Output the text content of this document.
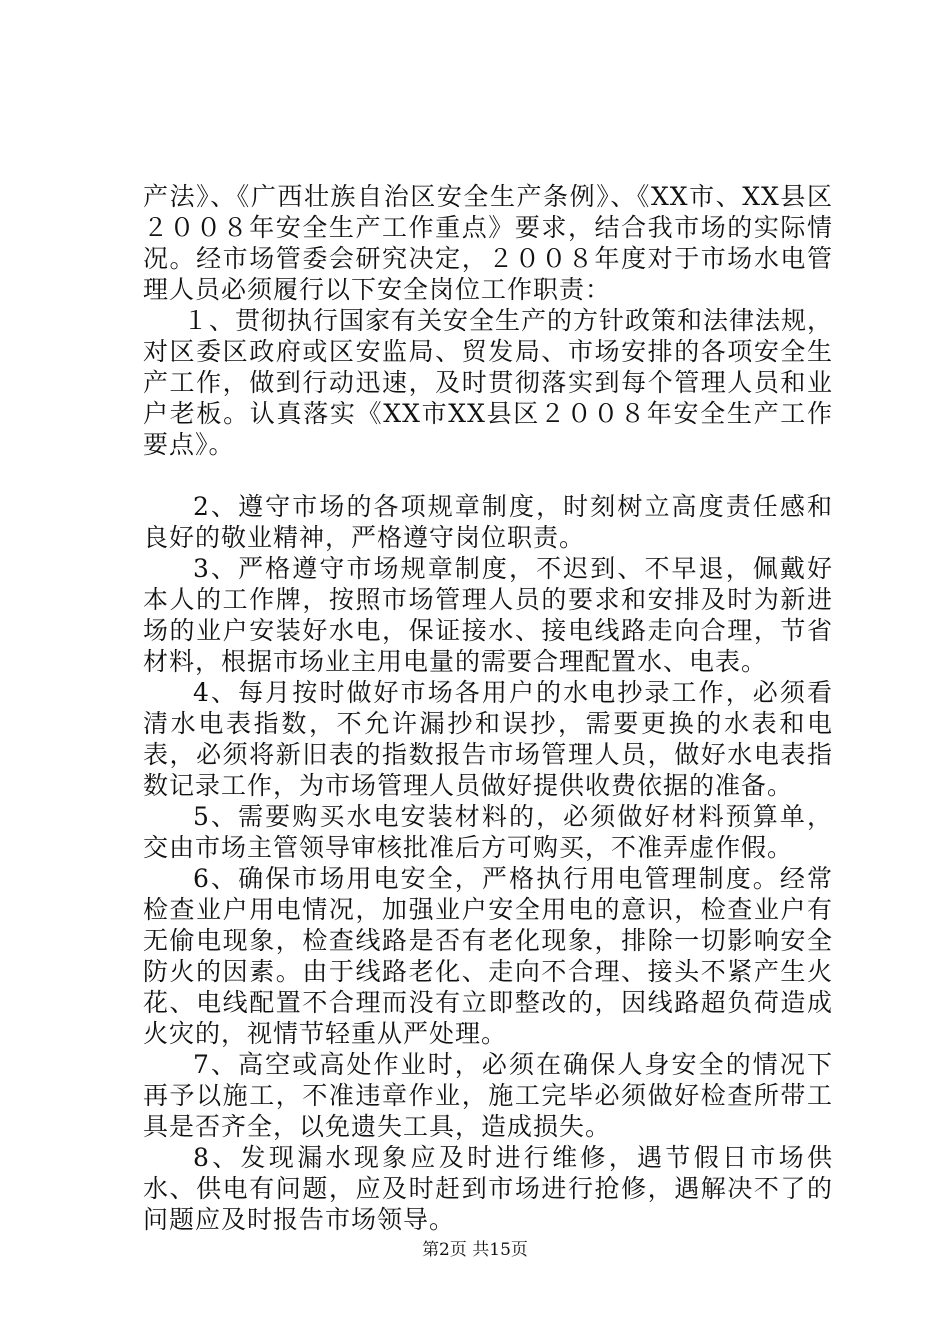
产法》、《广西壮族自治区安全生产条例》、《XX市、XX县区２００８年安全生产工作重点》要求，结合我市场的实际情况。经市场管委会研究决定，２００８年度对于市场水电管理人员必须履行以下安全岗位工作职责：

１、贯彻执行国家有关安全生产的方针政策和法律法规，对区委区政府或区安监局、贸发局、市场安排的各项安全生产工作，做到行动迅速，及时贯彻落实到每个管理人员和业户老板。认真落实《XX市XX县区２００８年安全生产工作要点》。

2、遵守市场的各项规章制度，时刻树立高度责任感和良好的敬业精神，严格遵守岗位职责。

3、严格遵守市场规章制度，不迟到、不早退，佩戴好本人的工作牌，按照市场管理人员的要求和安排及时为新进场的业户安装好水电，保证接水、接电线路走向合理，节省材料，根据市场业主用电量的需要合理配置水、电表。

4、每月按时做好市场各用户的水电抄录工作，必须看清水电表指数，不允许漏抄和误抄，需要更换的水表和电表，必须将新旧表的指数报告市场管理人员，做好水电表指数记录工作，为市场管理人员做好提供收费依据的准备。

5、需要购买水电安装材料的，必须做好材料预算单，交由市场主管领导审核批准后方可购买，不准弄虚作假。

6、确保市场用电安全，严格执行用电管理制度。经常检查业户用电情况，加强业户安全用电的意识，检查业户有无偷电现象，检查线路是否有老化现象，排除一切影响安全防火的因素。由于线路老化、走向不合理、接头不紧产生火花、电线配置不合理而没有立即整改的，因线路超负荷造成火灾的，视情节轻重从严处理。

7、高空或高处作业时，必须在确保人身安全的情况下再予以施工，不准违章作业，施工完毕必须做好检查所带工具是否齐全，以免遗失工具，造成损失。

8、发现漏水现象应及时进行维修，遇节假日市场供水、供电有问题，应及时赶到市场进行抢修，遇解决不了的问题应及时报告市场领导。

第2页 共15页
